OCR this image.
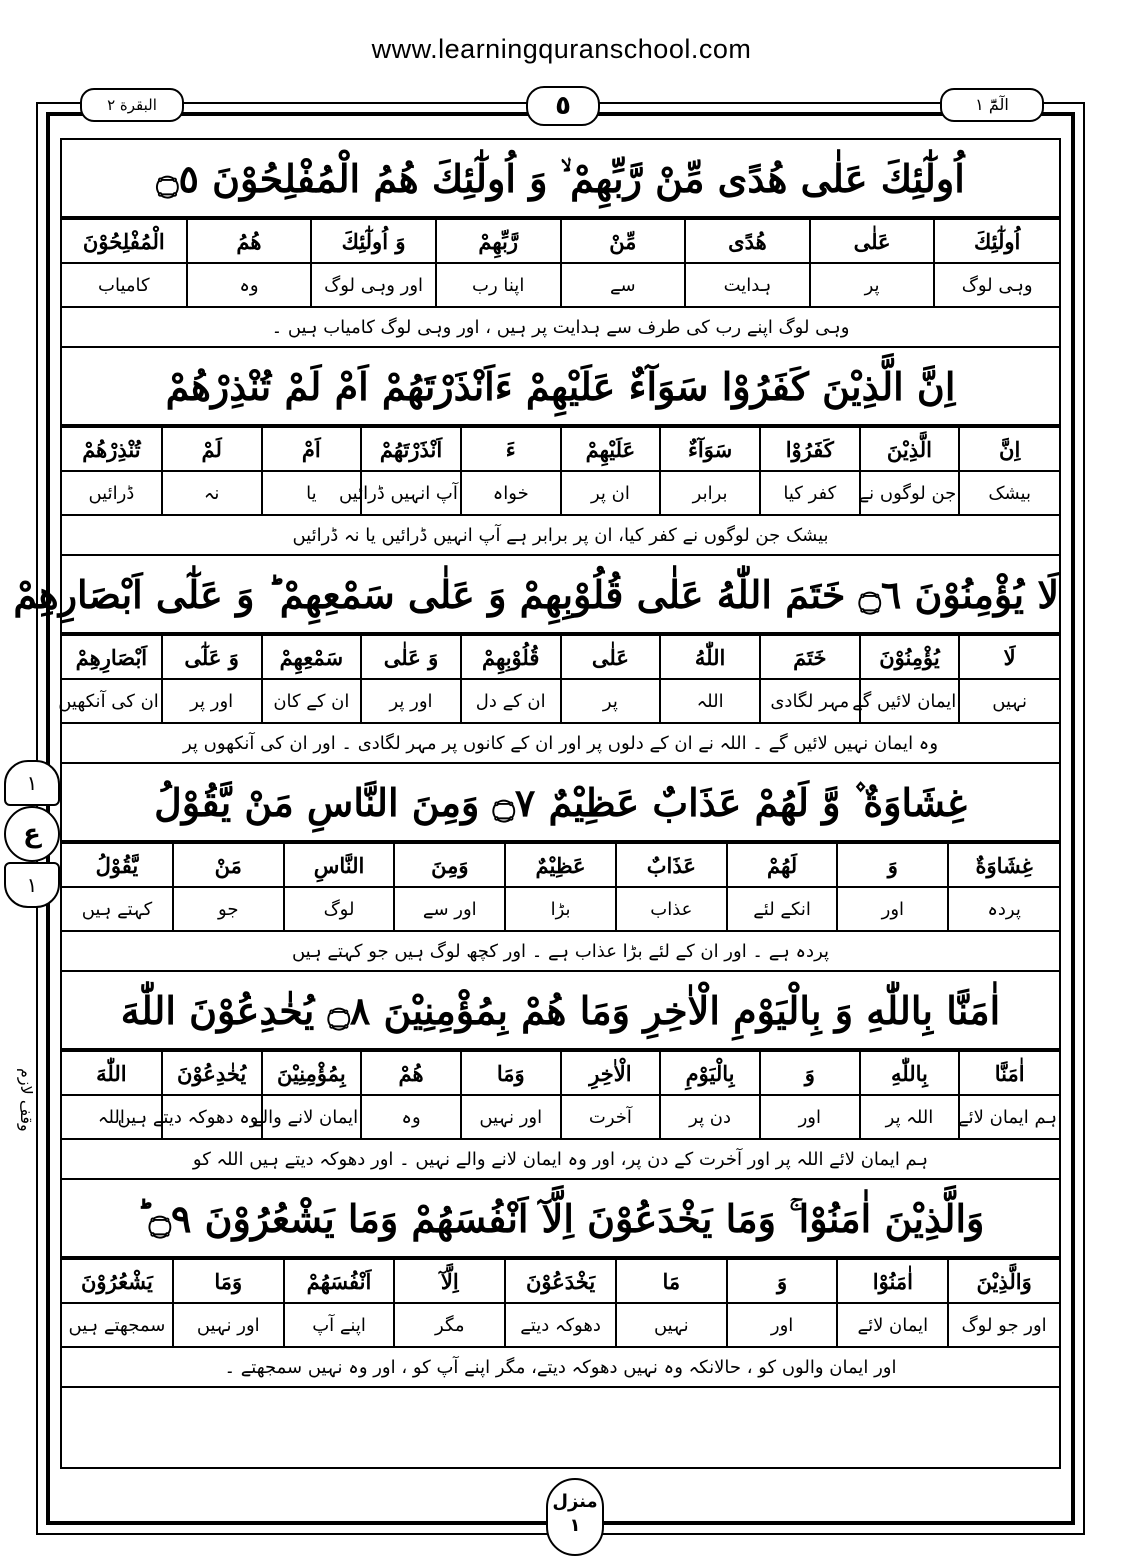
www.learningquranschool.com
البقرة ٢	٥	الٓمّٓ ١
١
ع
١
وقف لازم
اُولٰٓئِكَ عَلٰى هُدًى مِّنْ رَّبِّهِمْ ۙ وَ اُولٰٓئِكَ هُمُ الْمُفْلِحُوْنَ ۝٥
اُولٰٓئِكَ	عَلٰى	هُدًى	مِّنْ	رَّبِّهِمْ	وَ اُولٰٓئِكَ	هُمُ	الْمُفْلِحُوْنَ
وہی لوگ	پر	ہدایت	سے	اپنا رب	اور وہی لوگ	وہ	کامیاب
وہی لوگ اپنے رب کی طرف سے ہدایت پر ہیں ، اور وہی لوگ کامیاب ہیں ۔
اِنَّ الَّذِيْنَ كَفَرُوْا سَوَآءٌ عَلَيْهِمْ ءَاَنْذَرْتَهُمْ اَمْ لَمْ تُنْذِرْهُمْ
اِنَّ	الَّذِيْنَ	كَفَرُوْا	سَوَآءٌ	عَلَيْهِمْ	ءَ	اَنْذَرْتَهُمْ	اَمْ	لَمْ	تُنْذِرْهُمْ
بیشک	جن لوگوں نے	کفر کیا	برابر	ان پر	خواہ	آپ انہیں ڈرائیں	یا	نہ	ڈرائیں
بیشک جن لوگوں نے کفر کیا، ان پر برابر ہے آپ انہیں ڈرائیں یا نہ ڈرائیں
لَا يُؤْمِنُوْنَ ۝٦ خَتَمَ اللّٰهُ عَلٰى قُلُوْبِهِمْ وَ عَلٰى سَمْعِهِمْ ؕ وَ عَلٰٓى اَبْصَارِهِمْ
لَا	يُؤْمِنُوْنَ	خَتَمَ	اللّٰهُ	عَلٰى	قُلُوْبِهِمْ	وَ عَلٰى	سَمْعِهِمْ	وَ عَلٰٓى	اَبْصَارِهِمْ
نہیں	ایمان لائیں گے	مہر لگادی	اللہ	پر	ان کے دل	اور پر	ان کے کان	اور پر	ان کی آنکھیں
وہ ایمان نہیں لائیں گے ۔ اللہ نے ان کے دلوں پر اور ان کے کانوں پر مہر لگادی ۔ اور ان کی آنکھوں پر
غِشَاوَةٌ ۫ وَّ لَهُمْ عَذَابٌ عَظِيْمٌ ۝٧ وَمِنَ النَّاسِ مَنْ يَّقُوْلُ
غِشَاوَةٌ	وَ	لَهُمْ	عَذَابٌ	عَظِيْمٌ	وَمِنَ	النَّاسِ	مَنْ	يَّقُوْلُ
پردہ	اور	انکے لئے	عذاب	بڑا	اور سے	لوگ	جو	کہتے ہیں
پردہ ہے ۔ اور ان کے لئے بڑا عذاب ہے ۔ اور کچھ لوگ ہیں جو کہتے ہیں
اٰمَنَّا بِاللّٰهِ وَ بِالْيَوْمِ الْاٰخِرِ وَمَا هُمْ بِمُؤْمِنِيْنَ ۝٨ يُخٰدِعُوْنَ اللّٰهَ
اٰمَنَّا	بِاللّٰهِ	وَ	بِالْيَوْمِ	الْاٰخِرِ	وَمَا	هُمْ	بِمُؤْمِنِيْنَ	يُخٰدِعُوْنَ	اللّٰهَ
ہم ایمان لائے	اللہ پر	اور	دن پر	آخرت	اور نہیں	وہ	ایمان لانے والے	وہ دھوکہ دیتے ہیں	اللہ
ہم ایمان لائے اللہ پر اور آخرت کے دن پر، اور وہ ایمان لانے والے نہیں ۔ اور دھوکہ دیتے ہیں اللہ کو
وَالَّذِيْنَ اٰمَنُوْا ۚ وَمَا يَخْدَعُوْنَ اِلَّآ اَنْفُسَهُمْ وَمَا يَشْعُرُوْنَ ۝٩ ؕ
وَالَّذِيْنَ	اٰمَنُوْا	وَ	مَا	يَخْدَعُوْنَ	اِلَّآ	اَنْفُسَهُمْ	وَمَا	يَشْعُرُوْنَ
اور جو لوگ	ایمان لائے	اور	نہیں	دھوکہ دیتے	مگر	اپنے آپ	اور نہیں	سمجھتے ہیں
اور ایمان والوں کو ، حالانکہ وہ نہیں دھوکہ دیتے، مگر اپنے آپ کو ، اور وہ نہیں سمجھتے ۔
منزل
١
